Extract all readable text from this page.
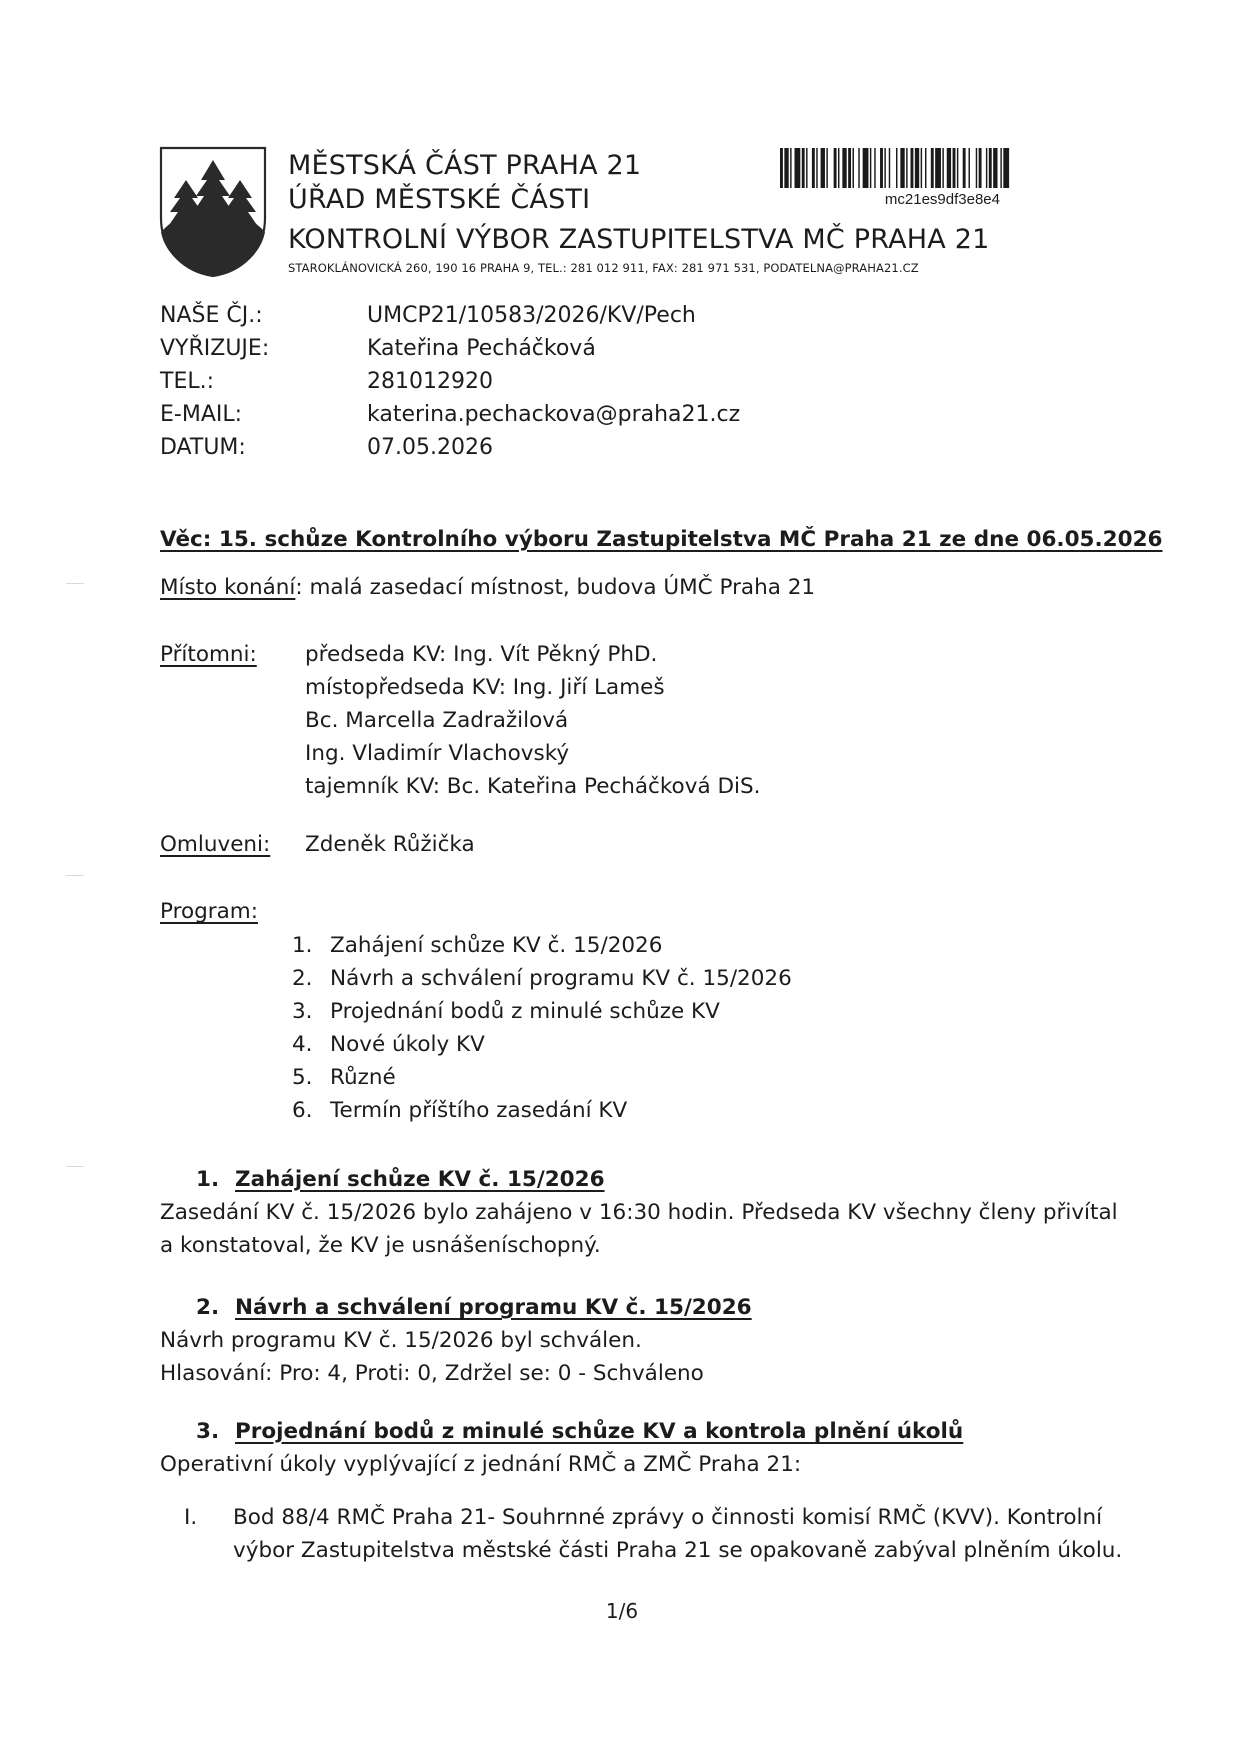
MĚSTSKÁ ČÁST PRAHA 21
ÚŘAD MĚSTSKÉ ČÁSTI
KONTROLNÍ VÝBOR ZASTUPITELSTVA MČ PRAHA 21
STAROKLÁNOVICKÁ 260, 190 16 PRAHA 9, TEL.: 281 012 911, FAX: 281 971 531, PODATELNA@PRAHA21.CZ
mc21es9df3e8e4
NAŠE ČJ.:	UMCP21/10583/2026/KV/Pech
VYŘIZUJE:	Kateřina Pecháčková
TEL.:	281012920
E-MAIL:	katerina.pechackova@praha21.cz
DATUM:	07.05.2026
Věc: 15. schůze Kontrolního výboru Zastupitelstva MČ Praha 21 ze dne 06.05.2026
Místo konání: malá zasedací místnost, budova ÚMČ Praha 21
Přítomni: předseda KV: Ing. Vít Pěkný PhD.
místopředseda KV: Ing. Jiří Lameš
Bc. Marcella Zadražilová
Ing. Vladimír Vlachovský
tajemník KV: Bc. Kateřina Pecháčková DiS.
Omluveni: Zdeněk Růžička
Program:
1. Zahájení schůze KV č. 15/2026
2. Návrh a schválení programu KV č. 15/2026
3. Projednání bodů z minulé schůze KV
4. Nové úkoly KV
5. Různé
6. Termín příštího zasedání KV
1. Zahájení schůze KV č. 15/2026
Zasedání KV č. 15/2026 bylo zahájeno v 16:30 hodin. Předseda KV všechny členy přivítal
a konstatoval, že KV je usnášeníschopný.
2. Návrh a schválení programu KV č. 15/2026
Návrh programu KV č. 15/2026 byl schválen.
Hlasování: Pro: 4, Proti: 0, Zdržel se: 0 - Schváleno
3. Projednání bodů z minulé schůze KV a kontrola plnění úkolů
Operativní úkoly vyplývající z jednání RMČ a ZMČ Praha 21:
I. Bod 88/4 RMČ Praha 21- Souhrnné zprávy o činnosti komisí RMČ (KVV). Kontrolní
výbor Zastupitelstva městské části Praha 21 se opakovaně zabýval plněním úkolu.
1/6
